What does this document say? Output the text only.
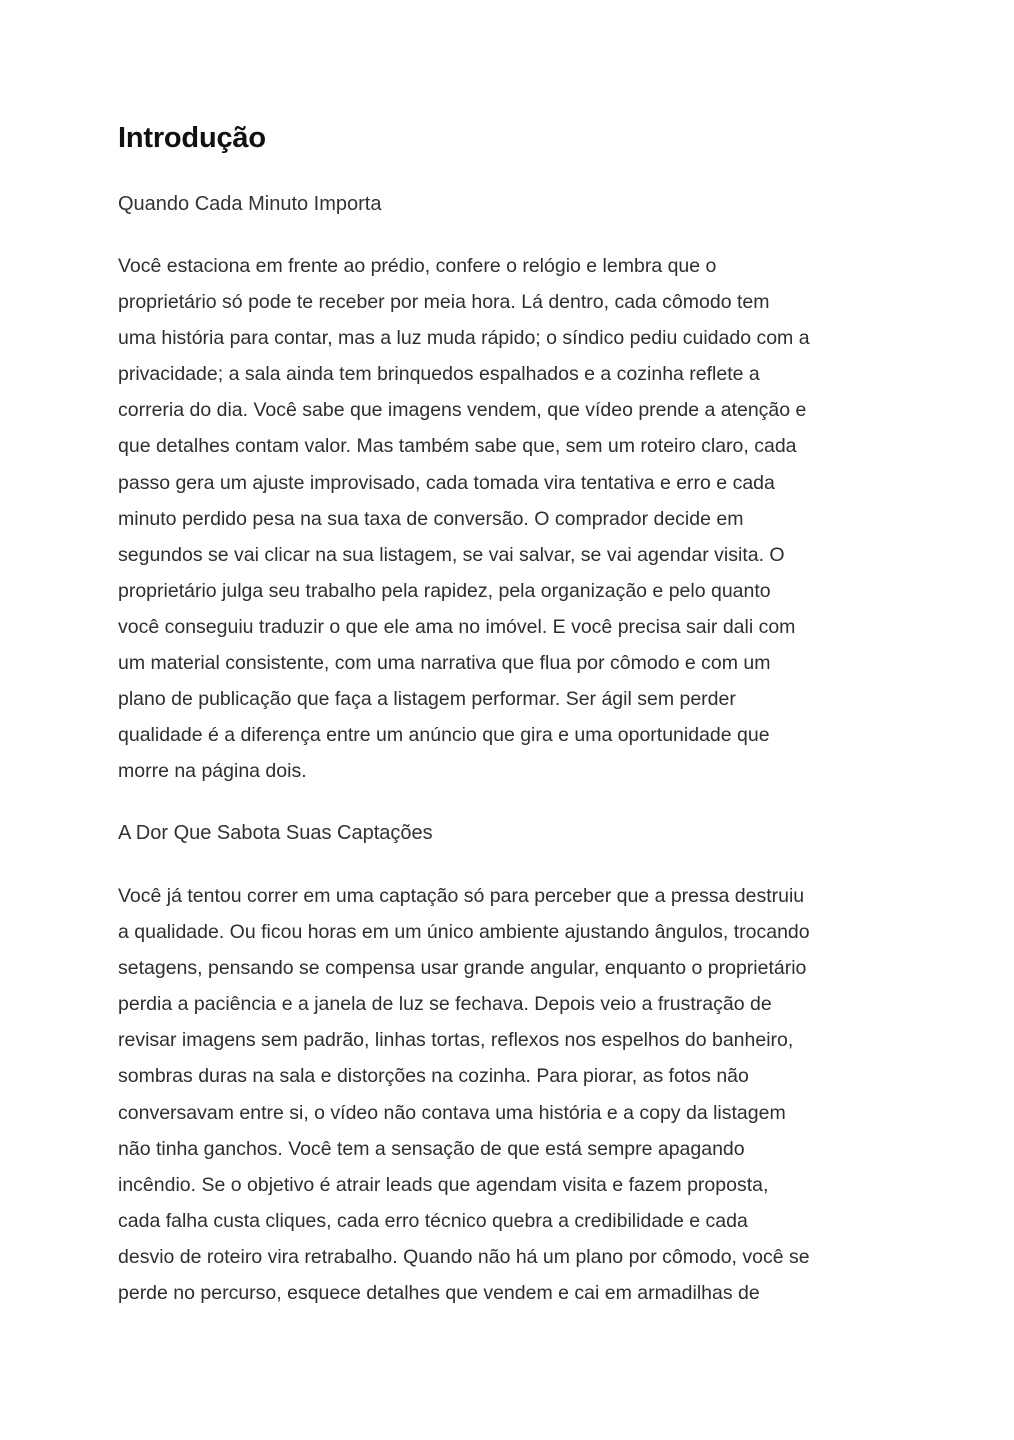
Introdução
Quando Cada Minuto Importa
Você estaciona em frente ao prédio, confere o relógio e lembra que o
proprietário só pode te receber por meia hora. Lá dentro, cada cômodo tem
uma história para contar, mas a luz muda rápido; o síndico pediu cuidado com a
privacidade; a sala ainda tem brinquedos espalhados e a cozinha reflete a
correria do dia. Você sabe que imagens vendem, que vídeo prende a atenção e
que detalhes contam valor. Mas também sabe que, sem um roteiro claro, cada
passo gera um ajuste improvisado, cada tomada vira tentativa e erro e cada
minuto perdido pesa na sua taxa de conversão. O comprador decide em
segundos se vai clicar na sua listagem, se vai salvar, se vai agendar visita. O
proprietário julga seu trabalho pela rapidez, pela organização e pelo quanto
você conseguiu traduzir o que ele ama no imóvel. E você precisa sair dali com
um material consistente, com uma narrativa que flua por cômodo e com um
plano de publicação que faça a listagem performar. Ser ágil sem perder
qualidade é a diferença entre um anúncio que gira e uma oportunidade que
morre na página dois.
A Dor Que Sabota Suas Captações
Você já tentou correr em uma captação só para perceber que a pressa destruiu
a qualidade. Ou ficou horas em um único ambiente ajustando ângulos, trocando
setagens, pensando se compensa usar grande angular, enquanto o proprietário
perdia a paciência e a janela de luz se fechava. Depois veio a frustração de
revisar imagens sem padrão, linhas tortas, reflexos nos espelhos do banheiro,
sombras duras na sala e distorções na cozinha. Para piorar, as fotos não
conversavam entre si, o vídeo não contava uma história e a copy da listagem
não tinha ganchos. Você tem a sensação de que está sempre apagando
incêndio. Se o objetivo é atrair leads que agendam visita e fazem proposta,
cada falha custa cliques, cada erro técnico quebra a credibilidade e cada
desvio de roteiro vira retrabalho. Quando não há um plano por cômodo, você se
perde no percurso, esquece detalhes que vendem e cai em armadilhas de
